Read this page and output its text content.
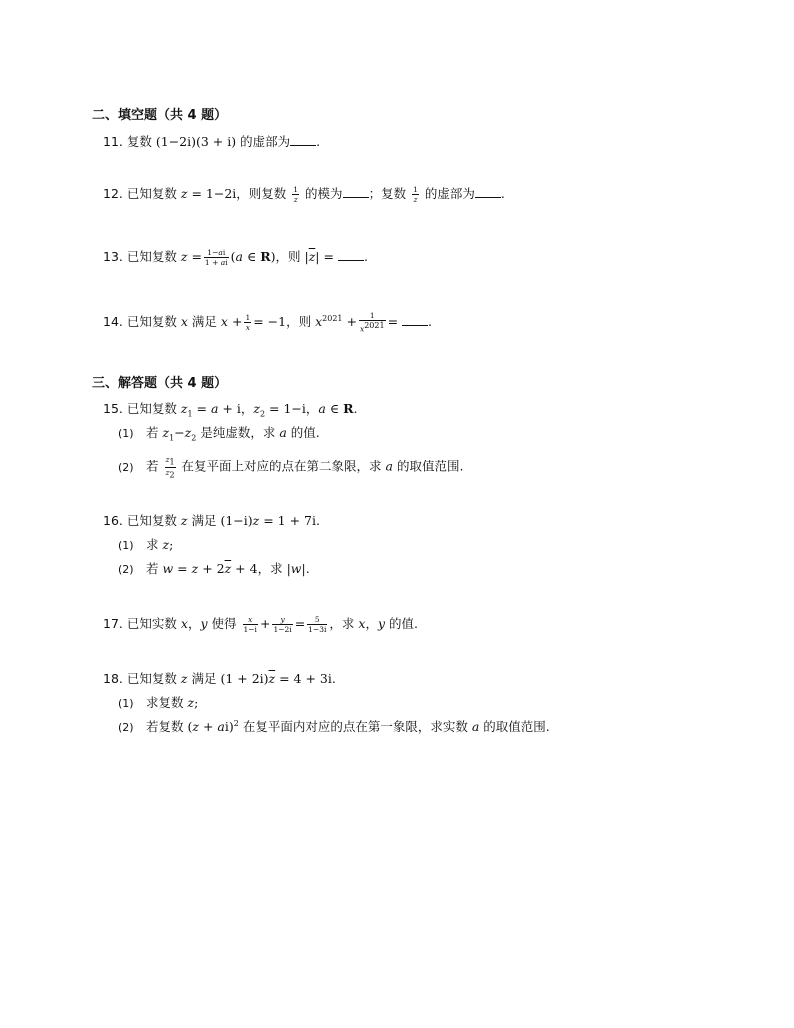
二、填空题（共 4 题）
11. 复数 (1−2i)(3 + i) 的虚部为 .
12. 已知复数 z = 1−2i，则复数 $\frac{1}{z}$ 的模为 ；复数 $\frac{1}{z}$ 的虚部为 .
13. 已知复数 $z = \frac{1-ai}{1 + ai} (a$ ∈ R)，则 $|\overline{z}|$ = .
14. 已知复数 x 满足 $x + \frac{1}{x} = -1$，则 $x^{2021} + \frac{1}{x^{2021}}$ = .
三、解答题（共 4 题）
15. 已知复数 $z_1 = a + i$，$z_2 = 1-i$，a ∈ R.
(1) 若 $z_1-z_2$ 是纯虚数，求 a 的值.
(2) 若 $\frac{z_1}{z_2}$ 在复平面上对应的点在第二象限，求 a 的取值范围.
16. 已知复数 z 满足 (1−i)z = 1 + 7i.
(1) 求 z;
(2) 若 $w = z + 2\overline{z} + 4$，求 |w|.
17. 已知实数 x，y 使得 $\frac{x}{1-i} + \frac{y}{1-2i} = \frac{5}{1-3i}$ ，求 x，y 的值.
18. 已知复数 z 满足 $(1 + 2i)\overline{z} = 4 + 3i$.
(1) 求复数 z;
(2) 若复数 (z + ai)$^2$ 在复平面内对应的点在第一象限，求实数 a 的取值范围.
